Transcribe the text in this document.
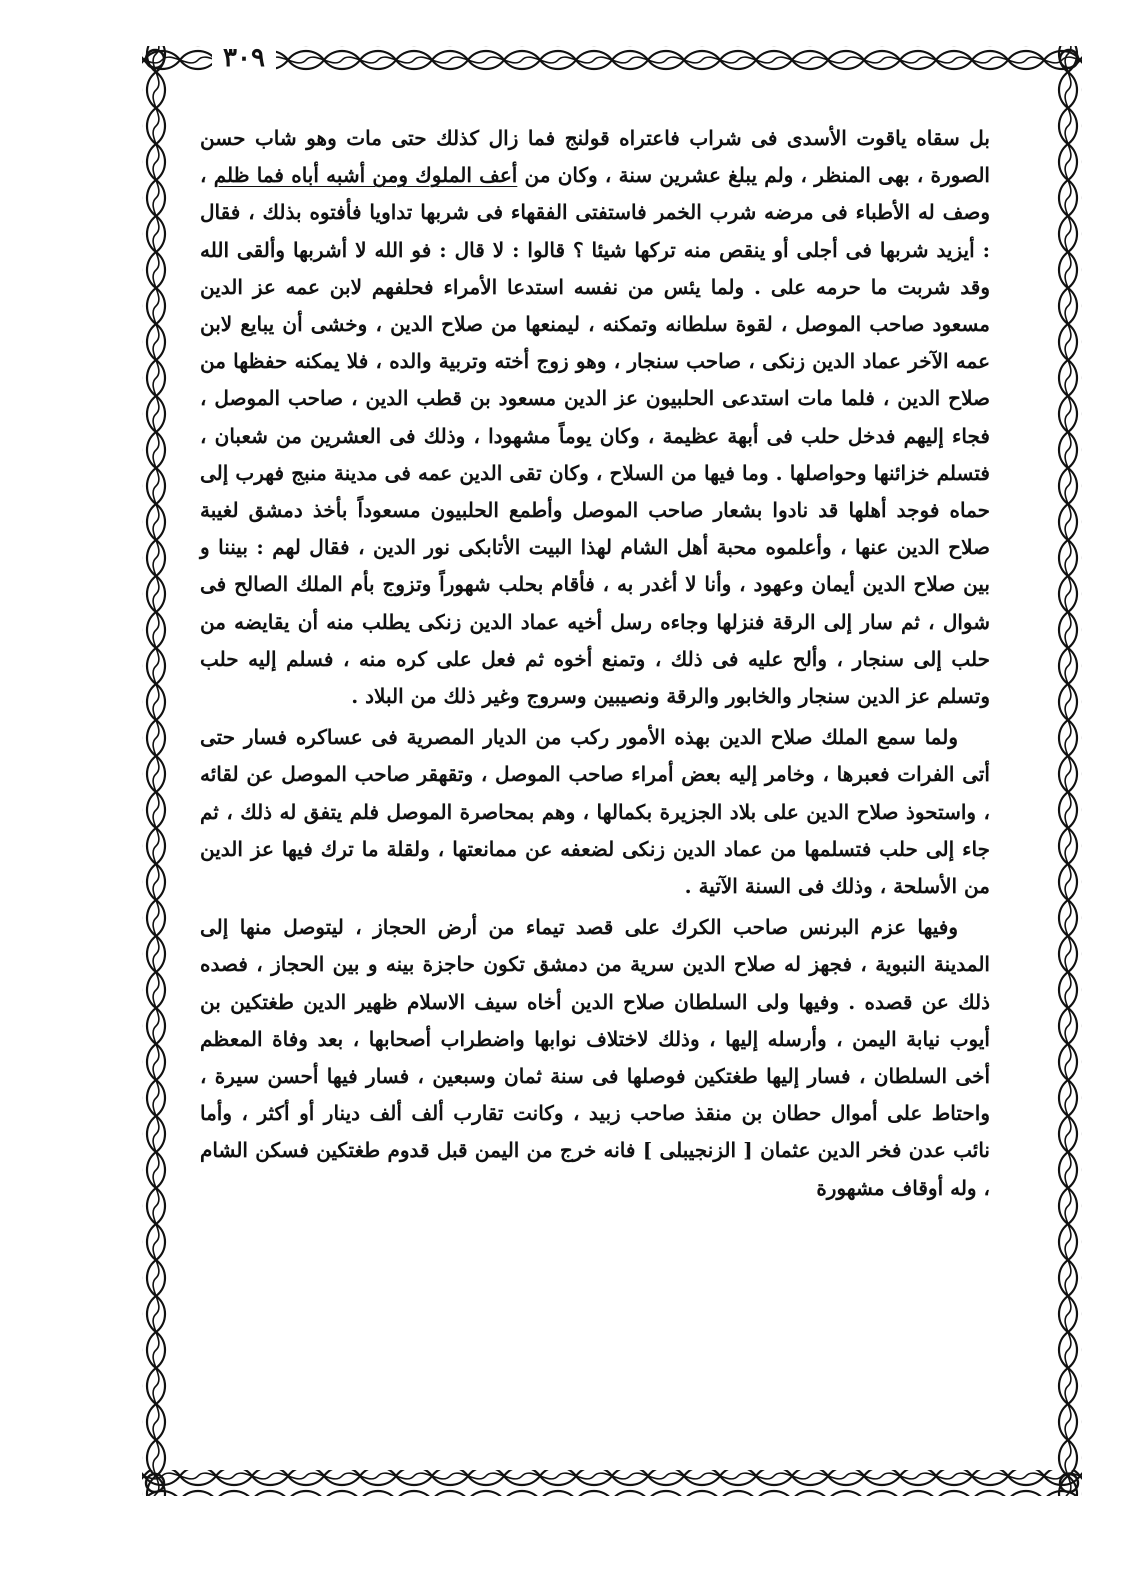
٣٠٩

بل سقاه ياقوت الأسدى فى شراب فاعتراه قولنج فما زال كذلك حتى مات وهو شاب حسن الصورة ، بهى المنظر ، ولم يبلغ عشرين سنة ، وكان من أعف الملوك ومن أشبه أباه فما ظلم ، وصف له الأطباء فى مرضه شرب الخمر فاستفتى الفقهاء فى شربها تداويا فأفتوه بذلك ، فقال : أيزيد شربها فى أجلى أو ينقص منه تركها شيئا ؟ قالوا : لا قال : فو الله لا أشربها وألقى الله وقد شربت ما حرمه على . ولما يئس من نفسه استدعا الأمراء فحلفهم لابن عمه عز الدين مسعود صاحب الموصل ، لقوة سلطانه وتمكنه ، ليمنعها من صلاح الدين ، وخشى أن يبايع لابن عمه الآخر عماد الدين زنكى ، صاحب سنجار ، وهو زوج أخته وتربية والده ، فلا يمكنه حفظها من صلاح الدين ، فلما مات استدعى الحلبيون عز الدين مسعود بن قطب الدين ، صاحب الموصل ، فجاء إليهم فدخل حلب فى أبهة عظيمة ، وكان يوماً مشهودا ، وذلك فى العشرين من شعبان ، فتسلم خزائنها وحواصلها . وما فيها من السلاح ، وكان تقى الدين عمه فى مدينة منبج فهرب إلى حماه فوجد أهلها قد نادوا بشعار صاحب الموصل وأطمع الحلبيون مسعوداً بأخذ دمشق لغيبة صلاح الدين عنها ، وأعلموه محبة أهل الشام لهذا البيت الأتابكى نور الدين ، فقال لهم : بيننا و بين صلاح الدين أيمان وعهود ، وأنا لا أغدر به ، فأقام بحلب شهوراً وتزوج بأم الملك الصالح فى شوال ، ثم سار إلى الرقة فنزلها وجاءه رسل أخيه عماد الدين زنكى يطلب منه أن يقايضه من حلب إلى سنجار ، وألح عليه فى ذلك ، وتمنع أخوه ثم فعل على كره منه ، فسلم إليه حلب وتسلم عز الدين سنجار والخابور والرقة ونصيبين وسروج وغير ذلك من البلاد .

ولما سمع الملك صلاح الدين بهذه الأمور ركب من الديار المصرية فى عساكره فسار حتى أتى الفرات فعبرها ، وخامر إليه بعض أمراء صاحب الموصل ، وتقهقر صاحب الموصل عن لقائه ، واستحوذ صلاح الدين على بلاد الجزيرة بكمالها ، وهم بمحاصرة الموصل فلم يتفق له ذلك ، ثم جاء إلى حلب فتسلمها من عماد الدين زنكى لضعفه عن ممانعتها ، ولقلة ما ترك فيها عز الدين من الأسلحة ، وذلك فى السنة الآتية .

وفيها عزم البرنس صاحب الكرك على قصد تيماء من أرض الحجاز ، ليتوصل منها إلى المدينة النبوية ، فجهز له صلاح الدين سرية من دمشق تكون حاجزة بينه و بين الحجاز ، فصده ذلك عن قصده . وفيها ولى السلطان صلاح الدين أخاه سيف الاسلام ظهير الدين طغتكين بن أيوب نيابة اليمن ، وأرسله إليها ، وذلك لاختلاف نوابها واضطراب أصحابها ، بعد وفاة المعظم أخى السلطان ، فسار إليها طغتكين فوصلها فى سنة ثمان وسبعين ، فسار فيها أحسن سيرة ، واحتاط على أموال حطان بن منقذ صاحب زبيد ، وكانت تقارب ألف ألف دينار أو أكثر ، وأما نائب عدن فخر الدين عثمان [ الزنجيبلى ] فانه خرج من اليمن قبل قدوم طغتكين فسكن الشام ، وله أوقاف مشهورة
